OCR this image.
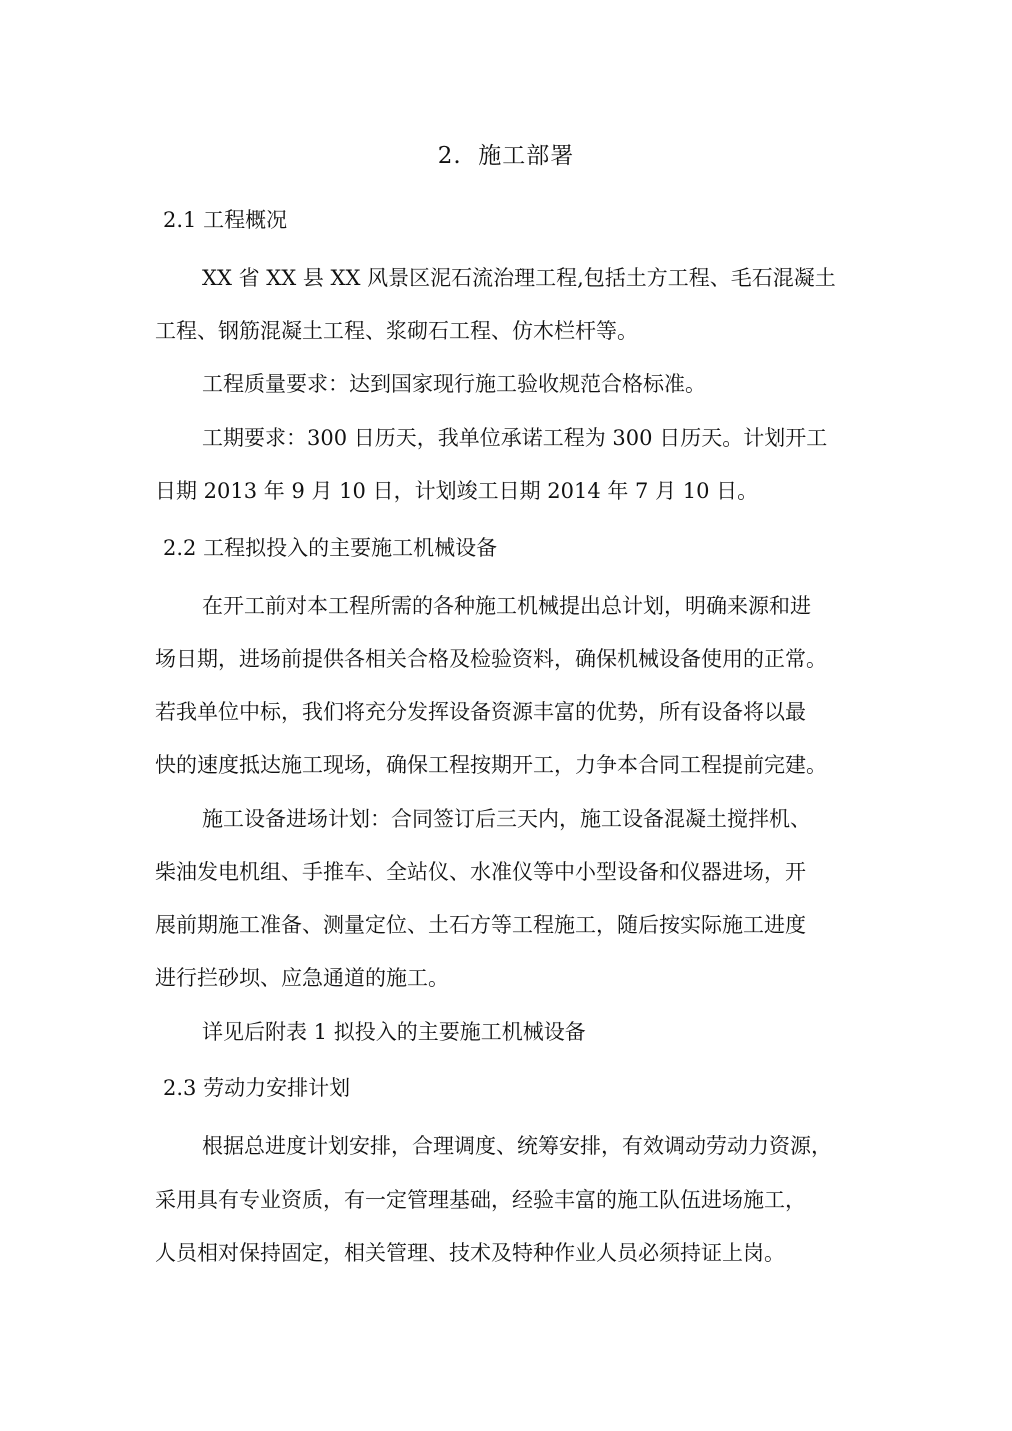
2.  施工部署
2.1 工程概况
XX 省 XX 县 XX 风景区泥石流治理工程,包括土方工程、毛石混凝土
工程、钢筋混凝土工程、浆砌石工程、仿木栏杆等。
工程质量要求：达到国家现行施工验收规范合格标准。
工期要求：300 日历天，我单位承诺工程为 300 日历天。计划开工
日期 2013 年 9 月 10 日，计划竣工日期 2014 年 7 月 10 日。
2.2 工程拟投入的主要施工机械设备
在开工前对本工程所需的各种施工机械提出总计划，明确来源和进
场日期，进场前提供各相关合格及检验资料，确保机械设备使用的正常。
若我单位中标，我们将充分发挥设备资源丰富的优势，所有设备将以最
快的速度抵达施工现场，确保工程按期开工，力争本合同工程提前完建。
施工设备进场计划：合同签订后三天内，施工设备混凝土搅拌机、
柴油发电机组、手推车、全站仪、水准仪等中小型设备和仪器进场，开
展前期施工准备、测量定位、土石方等工程施工，随后按实际施工进度
进行拦砂坝、应急通道的施工。
详见后附表 1 拟投入的主要施工机械设备
2.3 劳动力安排计划
根据总进度计划安排，合理调度、统筹安排，有效调动劳动力资源，
采用具有专业资质，有一定管理基础，经验丰富的施工队伍进场施工，
人员相对保持固定，相关管理、技术及特种作业人员必须持证上岗。
